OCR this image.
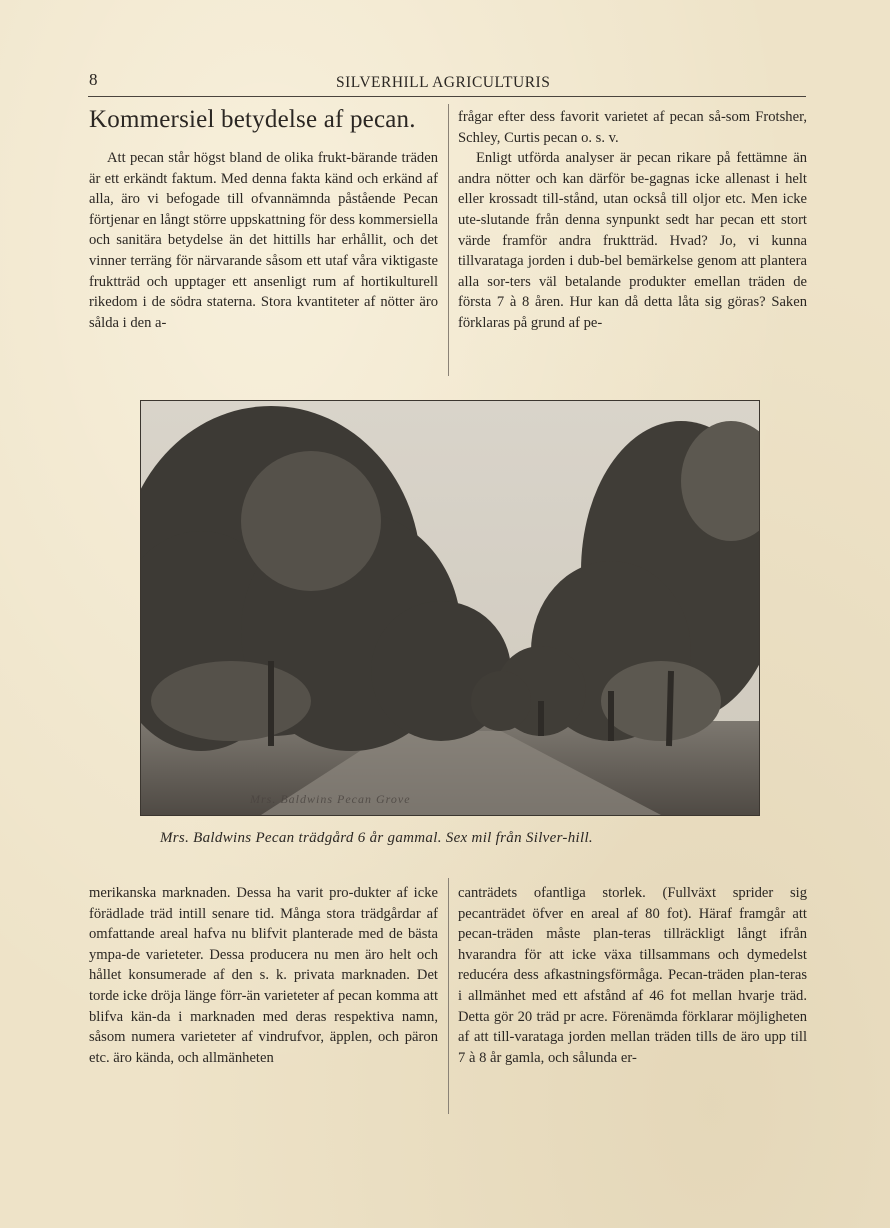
8	SILVERHILL AGRICULTURIS
Kommersiel betydelse af pecan.

Att pecan står högst bland de olika frukt-bärande träden är ett erkändt faktum. Med denna fakta känd och erkänd af alla, äro vi befogade till ofvannämnda påstående Pecan förtjenar en långt större uppskattning för dess kommersiella och sanitära betydelse än det hittills har erhållit, och det vinner terräng för närvarande såsom ett utaf våra viktigaste fruktträd och upptager ett ansenligt rum af hortikulturell rikedom i de södra staterna. Stora kvantiteter af nötter äro sålda i den a-

frågar efter dess favorit varietet af pecan så-som Frotsher, Schley, Curtis pecan o. s. v.

Enligt utförda analyser är pecan rikare på fettämne än andra nötter och kan därför be-gagnas icke allenast i helt eller krossadt till-stånd, utan också till oljor etc. Men icke ute-slutande från denna synpunkt sedt har pecan ett stort värde framför andra fruktträd. Hvad? Jo, vi kunna tillvaratagа jorden i dub-bel bemärkelse genom att plantera alla sor-ters väl betalande produkter emellan träden de första 7 à 8 åren. Hur kan då detta låta sig göras? Saken förklaras på grund af pe-

Mrs. Baldwins Pecan Grove
Mrs. Baldwins Pecan trädgård 6 år gammal. Sex mil från Silver-hill.

merikanska marknaden. Dessa ha varit pro-dukter af icke förädlade träd intill senare tid. Många stora trädgårdar af omfattande areal hafva nu blifvit planterade med de bästa ympa-de varieteter. Dessa producera nu men äro helt och hållet konsumerade af den s. k. privata marknaden. Det torde icke dröja länge förr-än varieteter af pecan komma att blifva kän-da i marknaden med deras respektiva namn, såsom numera varieteter af vindrufvor, äpplen, och päron etc. äro kända, och allmänheten

canträdets ofantliga storlek. (Fullväxt sprider sig pecanträdet öfver en areal af 80 fot). Häraf framgår att pecan-träden måste plan-teras tillräckligt långt ifrån hvarandra för att icke växa tillsammans och dymedelst reducéra dess afkastningsförmåga. Pecan-träden plan-teras i allmänhet med ett afstånd af 46 fot mellan hvarje träd. Detta gör 20 träd pr acre. Förenämda förklarar möjligheten af att till-varataga jorden mellan träden tills de äro upp till 7 à 8 år gamla, och sålunda er-
